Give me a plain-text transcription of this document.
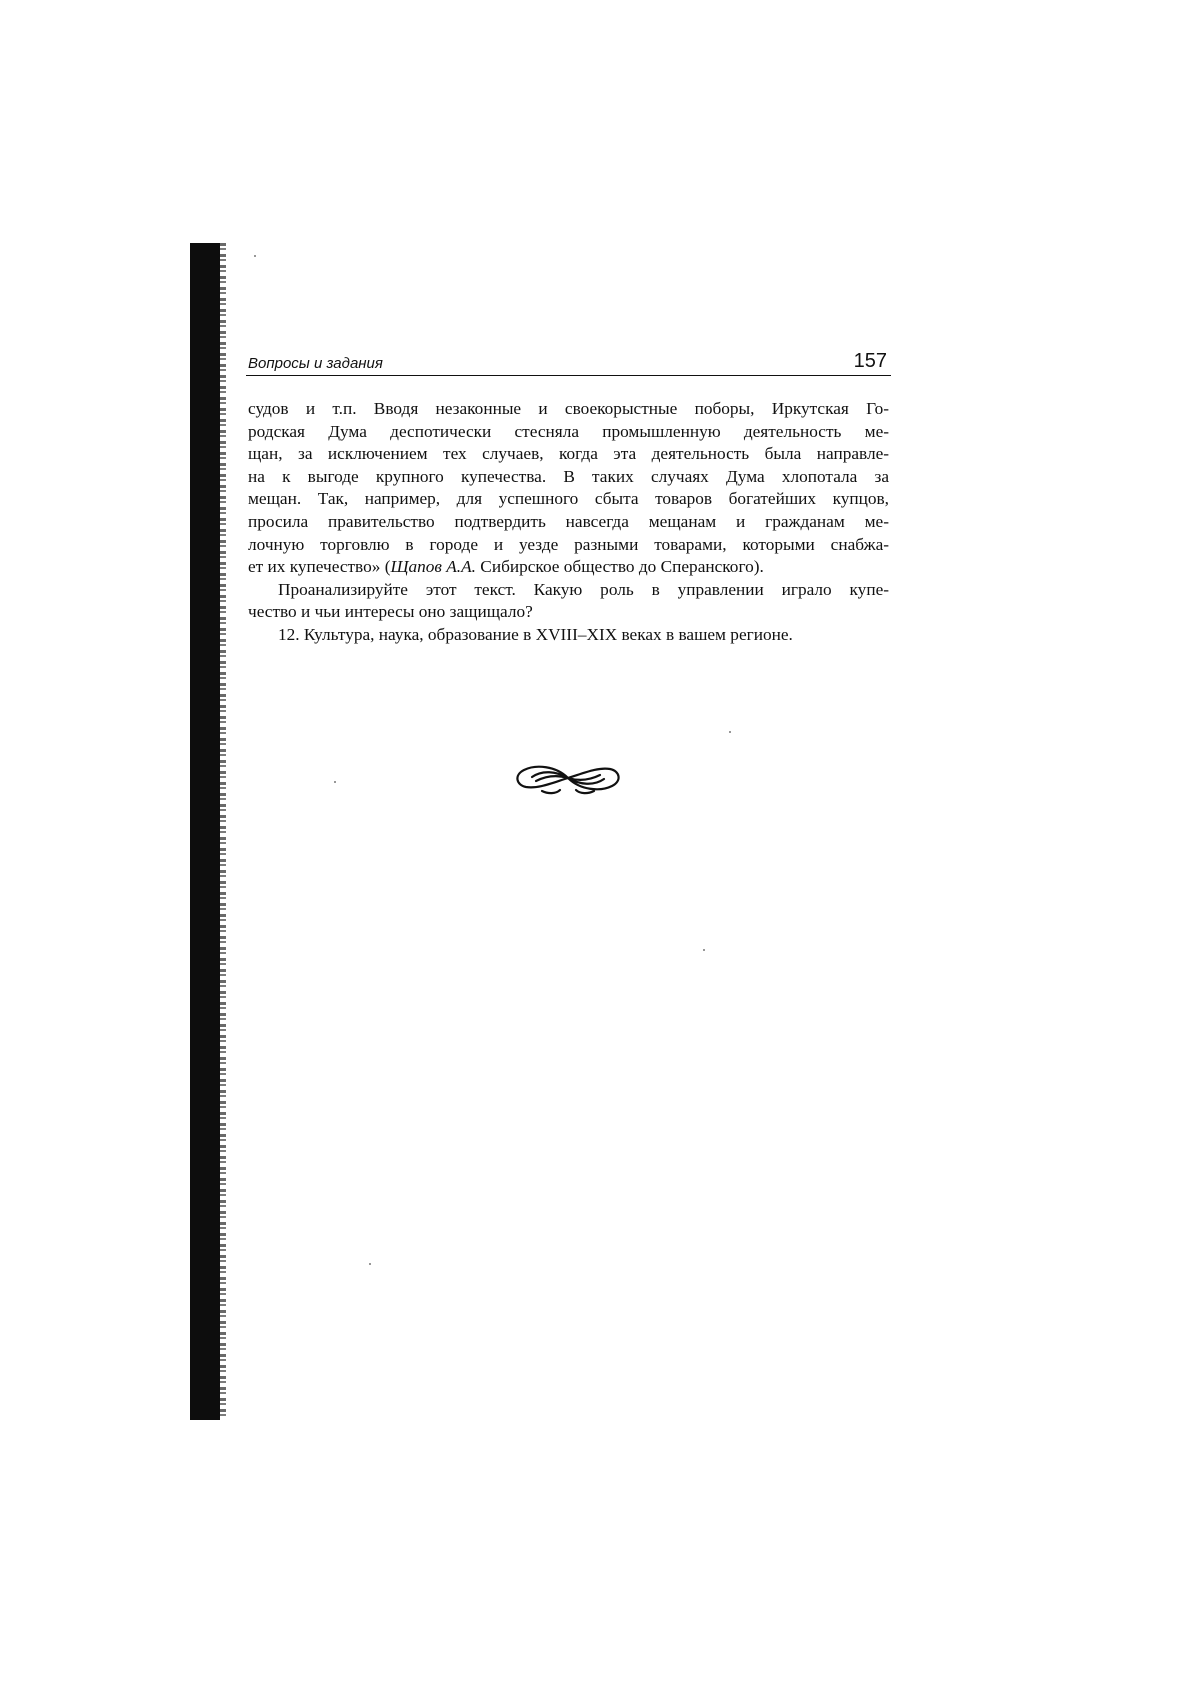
Вопросы и задания	157
судов и т.п. Вводя незаконные и своекорыстные поборы, Иркутская Го-
родская Дума деспотически стесняла промышленную деятельность ме-
щан, за исключением тех случаев, когда эта деятельность была направле-
на к выгоде крупного купечества. В таких случаях Дума хлопотала за
мещан. Так, например, для успешного сбыта товаров богатейших купцов,
просила правительство подтвердить навсегда мещанам и гражданам ме-
лочную торговлю в городе и уезде разными товарами, которыми снабжа-
ет их купечество» (Щапов А.А. Сибирское общество до Сперанского).
Проанализируйте этот текст. Какую роль в управлении играло купе-
чество и чьи интересы оно защищало?
12. Культура, наука, образование в XVIII–XIX веках в вашем регионе.
